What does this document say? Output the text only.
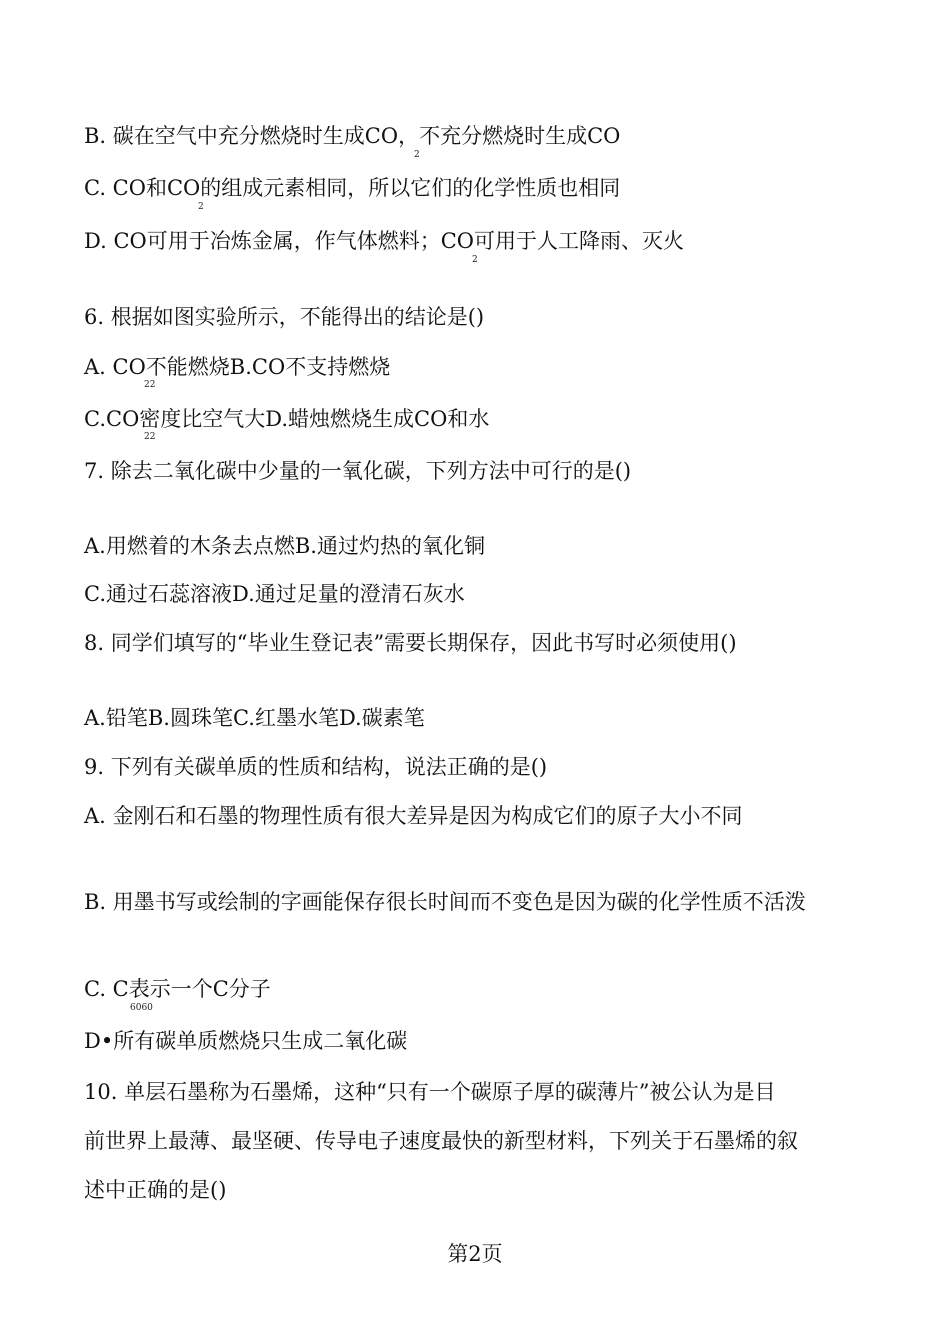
B. 碳在空气中充分燃烧时生成CO，不充分燃烧时生成CO
2
C. CO和CO的组成元素相同，所以它们的化学性质也相同
2
D. CO可用于冶炼金属，作气体燃料；CO可用于人工降雨、灭火
2
6. 根据如图实验所示，不能得出的结论是()
A. CO不能燃烧B.CO不支持燃烧
22
C.CO密度比空气大D.蜡烛燃烧生成CO和水
22
7. 除去二氧化碳中少量的一氧化碳，下列方法中可行的是()
A.用燃着的木条去点燃B.通过灼热的氧化铜
C.通过石蕊溶液D.通过足量的澄清石灰水
8. 同学们填写的“毕业生登记表”需要长期保存，因此书写时必须使用()
A.铅笔B.圆珠笔C.红墨水笔D.碳素笔
9. 下列有关碳单质的性质和结构，说法正确的是()
A. 金刚石和石墨的物理性质有很大差异是因为构成它们的原子大小不同
B. 用墨书写或绘制的字画能保存很长时间而不变色是因为碳的化学性质不活泼
C. C表示一个C分子
6060
D•所有碳单质燃烧只生成二氧化碳
10. 单层石墨称为石墨烯，这种“只有一个碳原子厚的碳薄片”被公认为是目
前世界上最薄、最坚硬、传导电子速度最快的新型材料，下列关于石墨烯的叙
述中正确的是()
第2页
